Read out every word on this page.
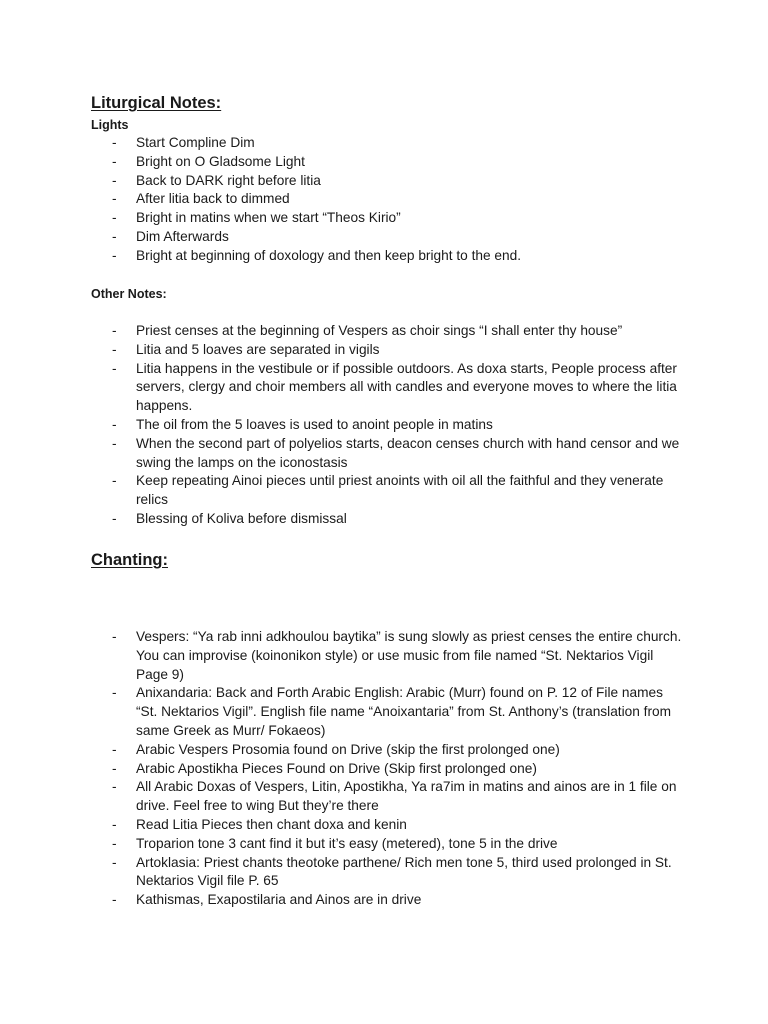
Liturgical Notes:
Lights
- Start Compline Dim
- Bright on O Gladsome Light
- Back to DARK right before litia
- After litia back to dimmed
- Bright in matins when we start “Theos Kirio”
- Dim Afterwards
- Bright at beginning of doxology and then keep bright to the end.
Other Notes:
- Priest censes at the beginning of Vespers as choir sings “I shall enter thy house”
- Litia and 5 loaves are separated in vigils
- Litia happens in the vestibule or if possible outdoors. As doxa starts, People process after servers, clergy and choir members all with candles and everyone moves to where the litia happens.
- The oil from the 5 loaves is used to anoint people in matins
- When the second part of polyelios starts, deacon censes church with hand censor and we swing the lamps on the iconostasis
- Keep repeating Ainoi pieces until priest anoints with oil all the faithful and they venerate relics
- Blessing of Koliva before dismissal
Chanting:
- Vespers: “Ya rab inni adkhoulou baytika” is sung slowly as priest censes the entire church. You can improvise (koinonikon style) or use music from file named “St. Nektarios Vigil Page 9)
- Anixandaria: Back and Forth Arabic English: Arabic (Murr) found on P. 12 of File names “St. Nektarios Vigil”. English file name “Anoixantaria” from St. Anthony’s (translation from same Greek as Murr/ Fokaeos)
- Arabic Vespers Prosomia found on Drive (skip the first prolonged one)
- Arabic Apostikha Pieces Found on Drive (Skip first prolonged one)
- All Arabic Doxas of Vespers, Litin, Apostikha, Ya ra7im in matins and ainos are in 1 file on drive. Feel free to wing But they’re there
- Read Litia Pieces then chant doxa and kenin
- Troparion tone 3 cant find it but it’s easy (metered), tone 5 in the drive
- Artoklasia: Priest chants theotoke parthene/ Rich men tone 5, third used prolonged in St. Nektarios Vigil file P. 65
- Kathismas, Exapostilaria and Ainos are in drive
